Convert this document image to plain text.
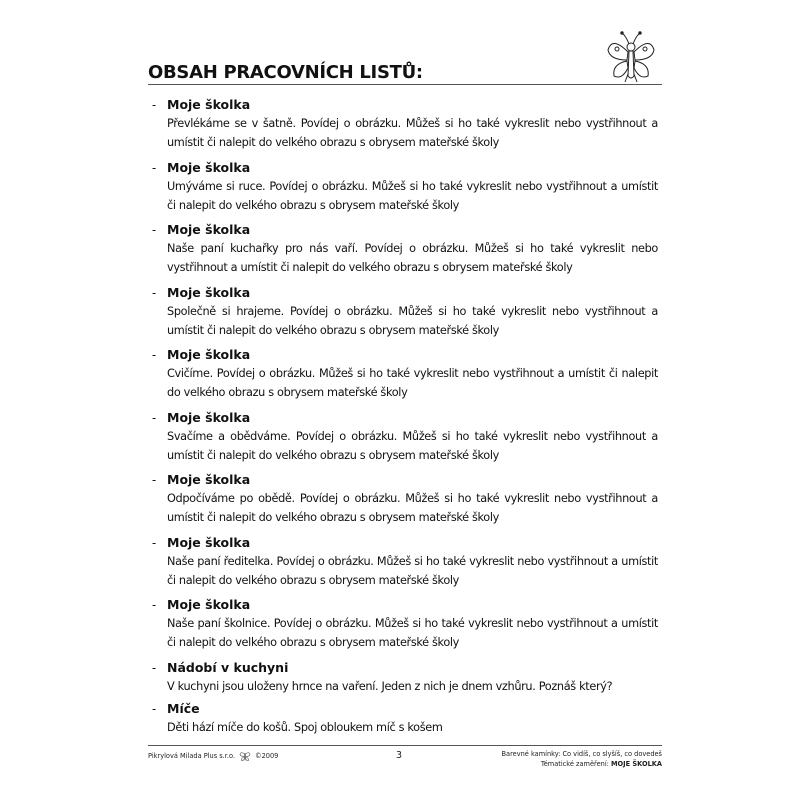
OBSAH PRACOVNÍCH LISTŮ:
- Moje školka
Převlékáme se v šatně. Povídej o obrázku. Můžeš si ho také vykreslit nebo vystřihnout a umístit či nalepit do velkého obrazu s obrysem mateřské školy
- Moje školka
Umýváme si ruce. Povídej o obrázku. Můžeš si ho také vykreslit nebo vystřihnout a umístit či nalepit do velkého obrazu s obrysem mateřské školy
- Moje školka
Naše paní kuchařky pro nás vaří. Povídej o obrázku. Můžeš si ho také vykreslit nebo vystřihnout a umístit či nalepit do velkého obrazu s obrysem mateřské školy
- Moje školka
Společně si hrajeme. Povídej o obrázku. Můžeš si ho také vykreslit nebo vystřihnout a umístit či nalepit do velkého obrazu s obrysem mateřské školy
- Moje školka
Cvičíme. Povídej o obrázku. Můžeš si ho také vykreslit nebo vystřihnout a umístit či nalepit do velkého obrazu s obrysem mateřské školy
- Moje školka
Svačíme a obědváme. Povídej o obrázku. Můžeš si ho také vykreslit nebo vystřihnout a umístit či nalepit do velkého obrazu s obrysem mateřské školy
- Moje školka
Odpočíváme po obědě. Povídej o obrázku. Můžeš si ho také vykreslit nebo vystřihnout a umístit či nalepit do velkého obrazu s obrysem mateřské školy
- Moje školka
Naše paní ředitelka. Povídej o obrázku. Můžeš si ho také vykreslit nebo vystřihnout a umístit či nalepit do velkého obrazu s obrysem mateřské školy
- Moje školka
Naše paní školnice. Povídej o obrázku. Můžeš si ho také vykreslit nebo vystřihnout a umístit či nalepit do velkého obrazu s obrysem mateřské školy
- Nádobí v kuchyni
V kuchyni jsou uloženy hrnce na vaření. Jeden z nich je dnem vzhůru. Poznáš který?
- Míče
Děti hází míče do košů. Spoj obloukem míč s košem
Pikrylová Milada Plus s.r.o.	©2009	3	Barevné kamínky: Co vidíš, co slyšíš, co dovedeš
Tématické zaměření: MOJE ŠKOLKA
